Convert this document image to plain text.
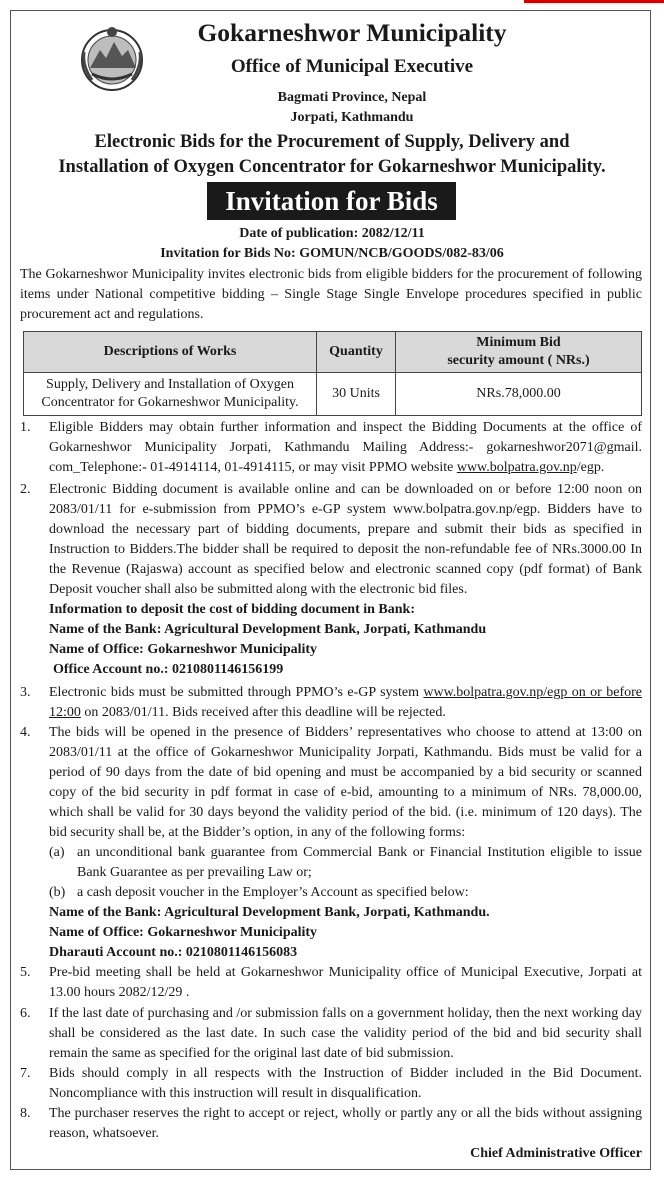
Gokarneshwor Municipality
Office of Municipal Executive
Bagmati Province, Nepal
Jorpati, Kathmandu
Electronic Bids for the Procurement of Supply, Delivery and
Installation of Oxygen Concentrator for Gokarneshwor Municipality.
Invitation for Bids
Date of publication: 2082/12/11
Invitation for Bids No: GOMUN/NCB/GOODS/082-83/06
The Gokarneshwor Municipality invites electronic bids from eligible bidders for the procurement of following items under National competitive bidding – Single Stage Single Envelope procedures specified in public procurement act and regulations.
Descriptions of Works	Quantity	Minimum Bid
security amount ( NRs.)
Supply, Delivery and Installation of Oxygen
Concentrator for Gokarneshwor Municipality.	30 Units	NRs.78,000.00
1.	Eligible Bidders may obtain further information and inspect the Bidding Documents at the office of Gokarneshwor Municipality Jorpati, Kathmandu Mailing Address:- gokarneshwor2071@gmail. com_Telephone:- 01-4914114, 01-4914115, or may visit PPMO website www.bolpatra.gov.np/egp.
2.	Electronic Bidding document is available online and can be downloaded on or before 12:00 noon on 2083/01/11 for e-submission from PPMO’s e-GP system www.bolpatra.gov.np/egp. Bidders have to download the necessary part of bidding documents, prepare and submit their bids as specified in Instruction to Bidders.The bidder shall be required to deposit the non-refundable fee of NRs.3000.00 In the Revenue (Rajaswa) account as specified below and electronic scanned copy (pdf format) of Bank Deposit voucher shall also be submitted along with the electronic bid files.
Information to deposit the cost of bidding document in Bank:
Name of the Bank: Agricultural Development Bank, Jorpati, Kathmandu
Name of Office: Gokarneshwor Municipality
Office Account no.: 0210801146156199
3.	Electronic bids must be submitted through PPMO’s e-GP system www.bolpatra.gov.np/egp on or before 12:00 on 2083/01/11. Bids received after this deadline will be rejected.
4.	The bids will be opened in the presence of Bidders’ representatives who choose to attend at 13:00 on 2083/01/11 at the office of Gokarneshwor Municipality Jorpati, Kathmandu. Bids must be valid for a period of 90 days from the date of bid opening and must be accompanied by a bid security or scanned copy of the bid security in pdf format in case of e-bid, amounting to a minimum of NRs. 78,000.00, which shall be valid for 30 days beyond the validity period of the bid. (i.e. minimum of 120 days). The bid security shall be, at the Bidder’s option, in any of the following forms:
(a) an unconditional bank guarantee from Commercial Bank or Financial Institution eligible to issue Bank Guarantee as per prevailing Law or;
(b) a cash deposit voucher in the Employer’s Account as specified below:
Name of the Bank: Agricultural Development Bank, Jorpati, Kathmandu.
Name of Office: Gokarneshwor Municipality
Dharauti Account no.: 0210801146156083
5.	Pre-bid meeting shall be held at Gokarneshwor Municipality office of Municipal Executive, Jorpati at 13.00 hours 2082/12/29 .
6.	If the last date of purchasing and /or submission falls on a government holiday, then the next working day shall be considered as the last date. In such case the validity period of the bid and bid security shall remain the same as specified for the original last date of bid submission.
7.	Bids should comply in all respects with the Instruction of Bidder included in the Bid Document. Noncompliance with this instruction will result in disqualification.
8.	The purchaser reserves the right to accept or reject, wholly or partly any or all the bids without assigning reason, whatsoever.
Chief Administrative Officer
